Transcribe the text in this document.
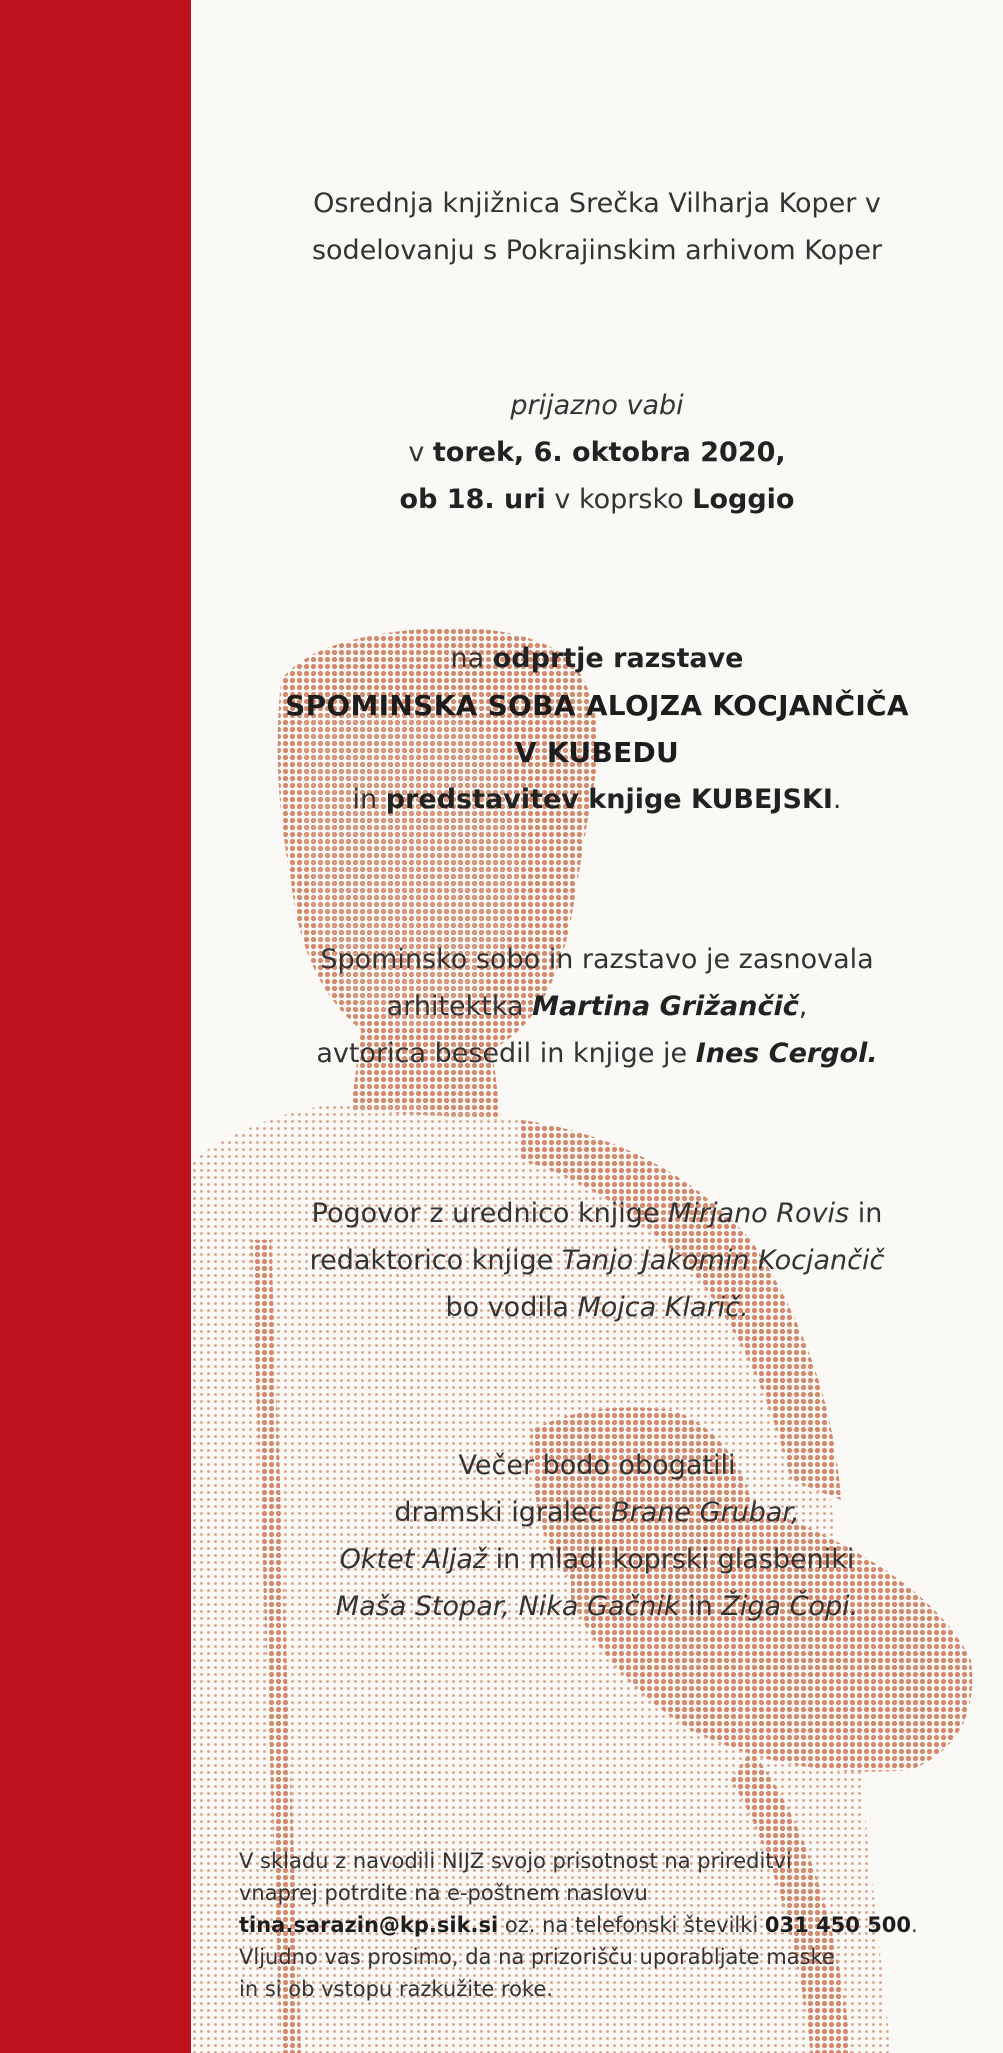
Osrednja knjižnica Srečka Vilharja Koper v
sodelovanju s Pokrajinskim arhivom Koper
prijazno vabi
v torek, 6. oktobra 2020,
ob 18. uri v koprsko Loggio
na odprtje razstave
SPOMINSKA SOBA ALOJZA KOCJANČIČA
V KUBEDU
in predstavitev knjige KUBEJSKI.
Spominsko sobo in razstavo je zasnovala
arhitektka Martina Grižančič,
avtorica besedil in knjige je Ines Cergol.
Pogovor z urednico knjige Mirjano Rovis in
redaktorico knjige Tanjo Jakomin Kocjančič
bo vodila Mojca Klarič.
Večer bodo obogatili
dramski igralec Brane Grubar,
Oktet Aljaž in mladi koprski glasbeniki
Maša Stopar, Nika Gačnik in Žiga Čopi.
V skladu z navodili NIJZ svojo prisotnost na prireditvi
vnaprej potrdite na e-poštnem naslovu
tina.sarazin@kp.sik.si oz. na telefonski številki 031 450 500.
Vljudno vas prosimo, da na prizorišču uporabljate maske
in si ob vstopu razkužite roke.
